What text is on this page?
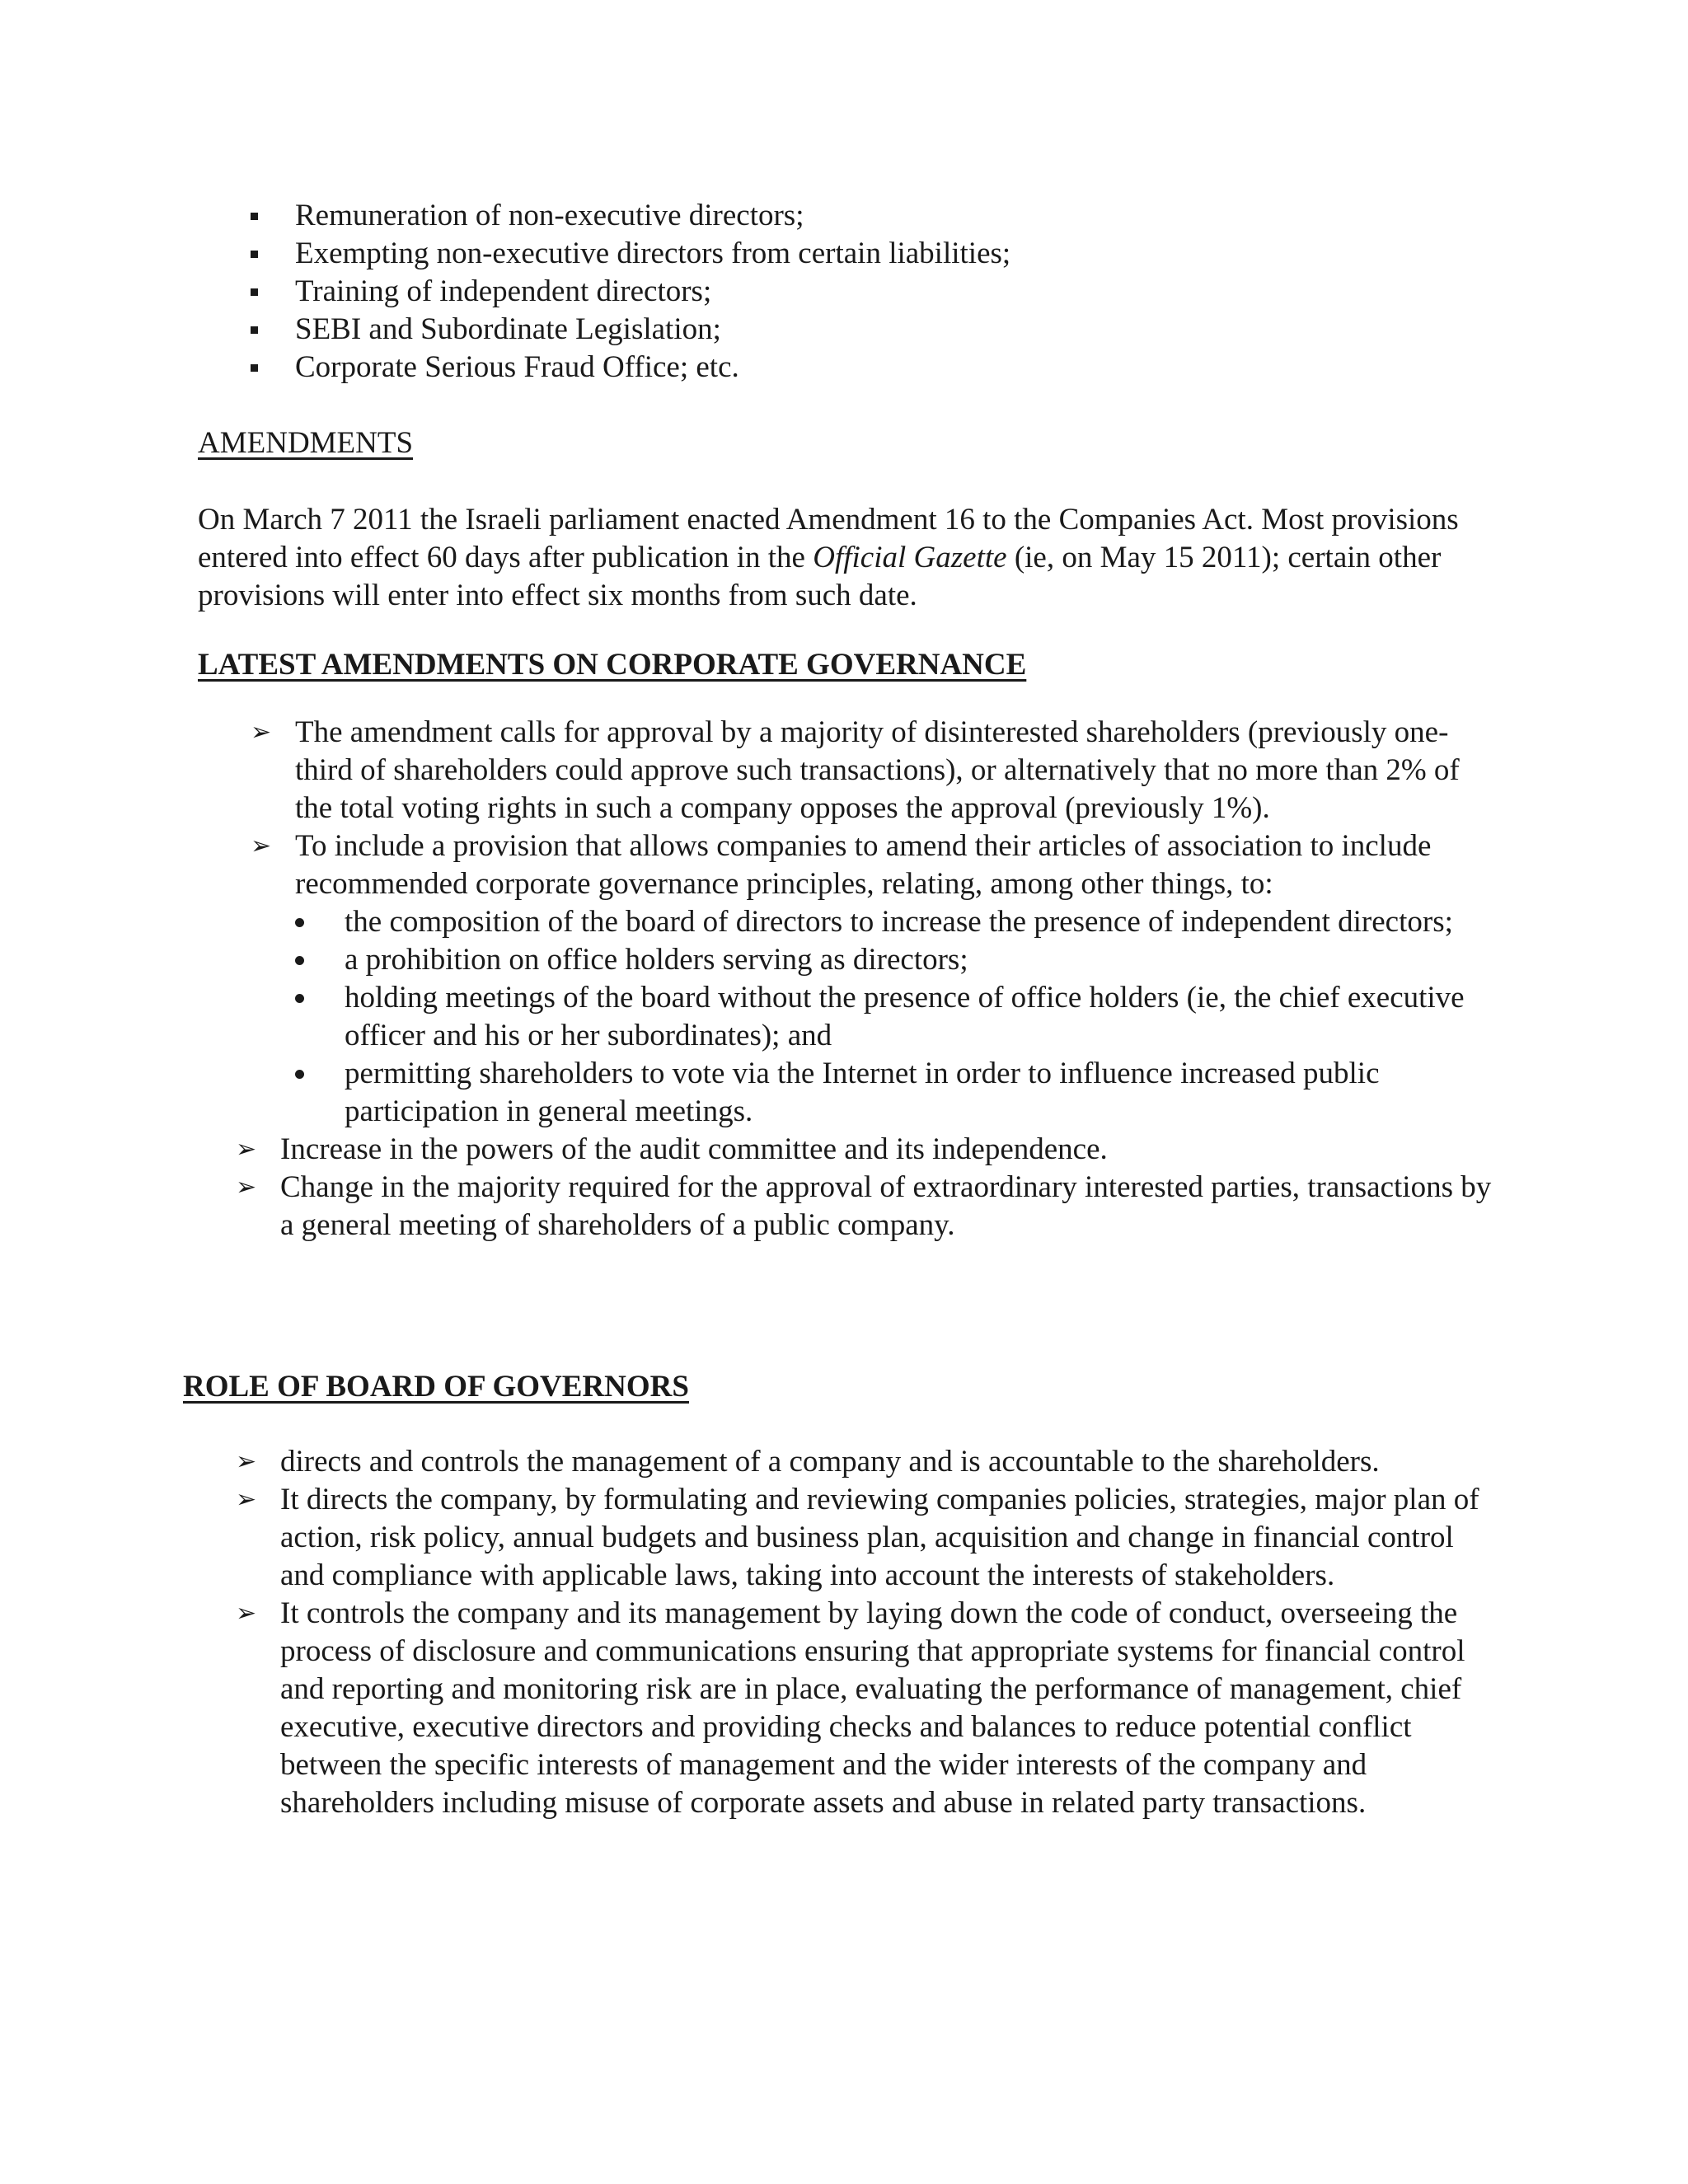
Remuneration of non-executive directors;
Exempting non-executive directors from certain liabilities;
Training of independent directors;
SEBI and Subordinate Legislation;
Corporate Serious Fraud Office; etc.
AMENDMENTS

On March 7 2011 the Israeli parliament enacted Amendment 16 to the Companies Act. Most provisions entered into effect 60 days after publication in the Official Gazette (ie, on May 15 2011); certain other provisions will enter into effect six months from such date.

LATEST AMENDMENTS ON CORPORATE GOVERNANCE
➢ The amendment calls for approval by a majority of disinterested shareholders (previously one-third of shareholders could approve such transactions), or alternatively that no more than 2% of the total voting rights in such a company opposes the approval (previously 1%).
➢ To include a provision that allows companies to amend their articles of association to include recommended corporate governance principles, relating, among other things, to:
the composition of the board of directors to increase the presence of independent directors;
a prohibition on office holders serving as directors;
holding meetings of the board without the presence of office holders (ie, the chief executive officer and his or her subordinates); and
permitting shareholders to vote via the Internet in order to influence increased public participation in general meetings.
➢ Increase in the powers of the audit committee and its independence.
➢ Change in the majority required for the approval of extraordinary interested parties, transactions by a general meeting of shareholders of a public company.
ROLE OF BOARD OF GOVERNORS
➢ directs and controls the management of a company and is accountable to the shareholders.
➢ It directs the company, by formulating and reviewing companies policies, strategies, major plan of action, risk policy, annual budgets and business plan, acquisition and change in financial control and compliance with applicable laws, taking into account the interests of stakeholders.
➢ It controls the company and its management by laying down the code of conduct, overseeing the process of disclosure and communications ensuring that appropriate systems for financial control and reporting and monitoring risk are in place, evaluating the performance of management, chief executive, executive directors and providing checks and balances to reduce potential conflict between the specific interests of management and the wider interests of the company and shareholders including misuse of corporate assets and abuse in related party transactions.
